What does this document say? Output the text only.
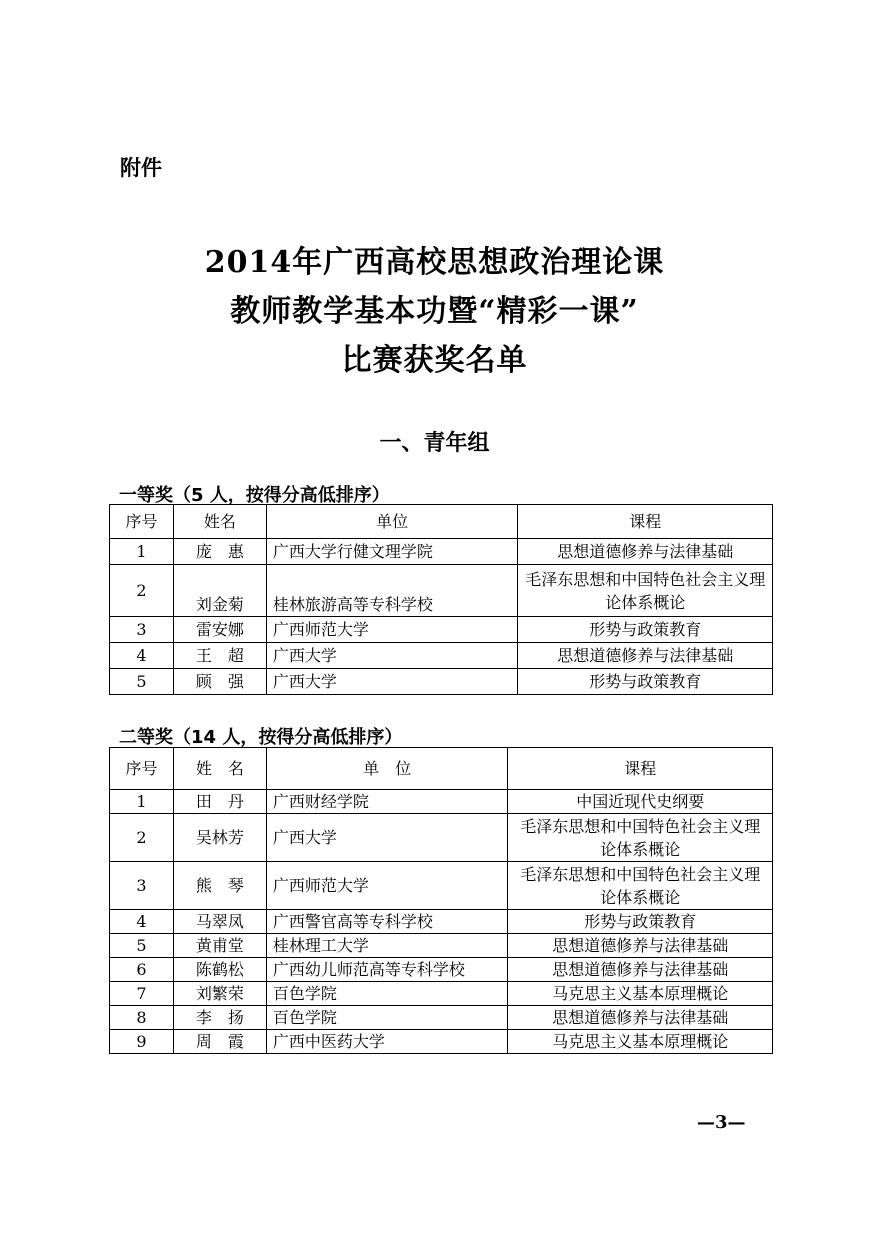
附件
2014年广西高校思想政治理论课
教师教学基本功暨“精彩一课”
比赛获奖名单
一、青年组
一等奖（5 人，按得分高低排序）
序号	姓名	单位	课程
1	庞　惠	广西大学行健文理学院	思想道德修养与法律基础
2	刘金菊	桂林旅游高等专科学校	毛泽东思想和中国特色社会主义理论体系概论
3	雷安娜	广西师范大学	形势与政策教育
4	王　超	广西大学	思想道德修养与法律基础
5	顾　强	广西大学	形势与政策教育
二等奖（14 人，按得分高低排序）
序号	姓　名	单　位	课程
1	田　丹	广西财经学院	中国近现代史纲要
2	吴林芳	广西大学	毛泽东思想和中国特色社会主义理论体系概论
3	熊　琴	广西师范大学	毛泽东思想和中国特色社会主义理论体系概论
4	马翠凤	广西警官高等专科学校	形势与政策教育
5	黄甫堂	桂林理工大学	思想道德修养与法律基础
6	陈鹤松	广西幼儿师范高等专科学校	思想道德修养与法律基础
7	刘繁荣	百色学院	马克思主义基本原理概论
8	李　扬	百色学院	思想道德修养与法律基础
9	周　霞	广西中医药大学	马克思主义基本原理概论
—3—
